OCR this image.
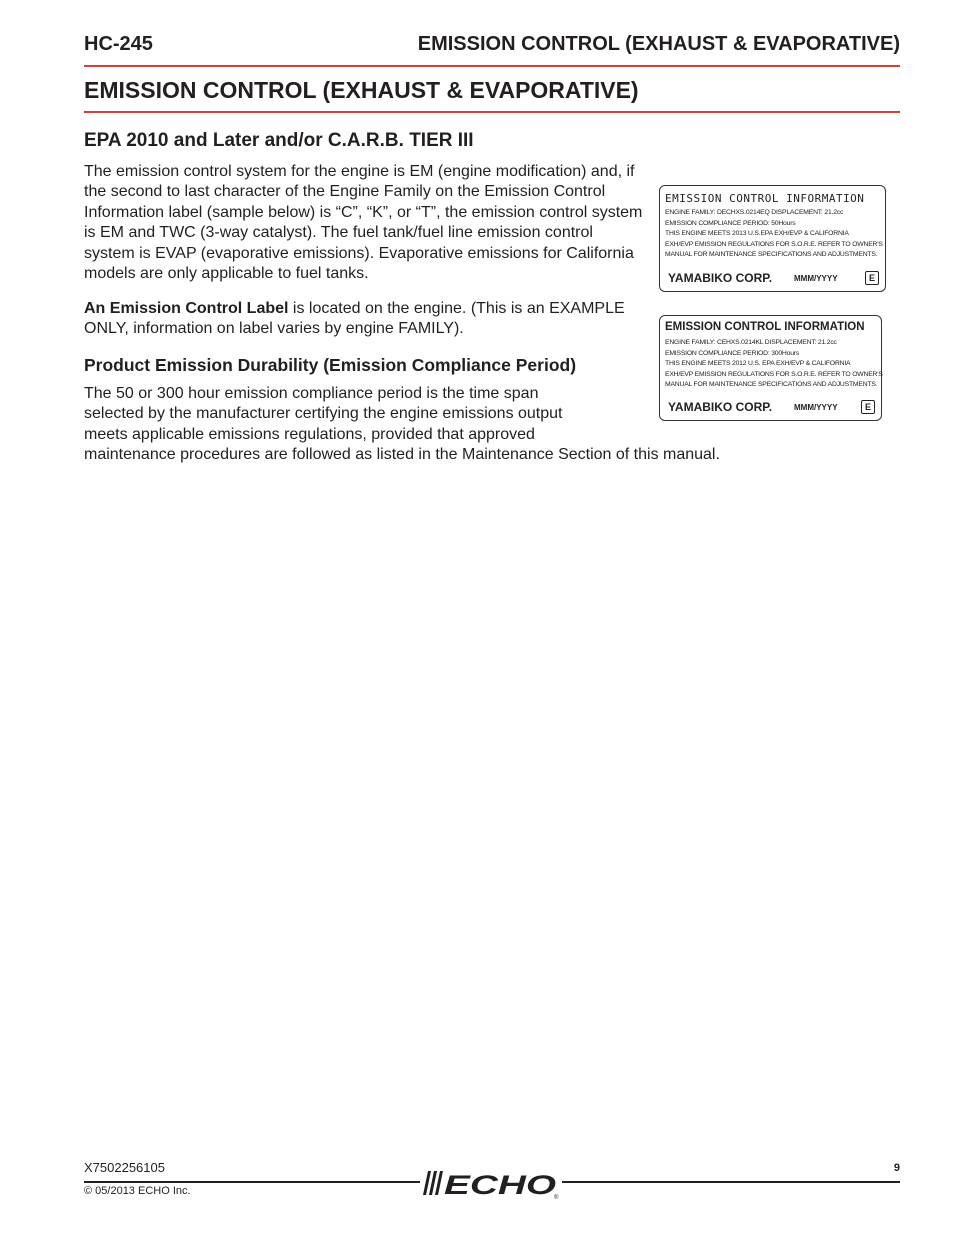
HC-245	EMISSION CONTROL (EXHAUST & EVAPORATIVE)
EMISSION CONTROL (EXHAUST & EVAPORATIVE)
EPA 2010 and Later and/or C.A.R.B. TIER III

The emission control system for the engine is EM (engine modification) and, if the second to last character of the Engine Family on the Emission Control Information label (sample below) is “C”, “K”, or “T”, the emission control system is EM and TWC (3-way catalyst). The fuel tank/fuel line emission control system is EVAP (evaporative emissions). Evaporative emissions for California models are only applicable to fuel tanks.

An Emission Control Label is located on the engine. (This is an EXAMPLE ONLY, information on label varies by engine FAMILY).

Product Emission Durability (Emission Compliance Period)

The 50 or 300 hour emission compliance period is the time span
selected by the manufacturer certifying the engine emissions output
meets applicable emissions regulations, provided that approved
maintenance procedures are followed as listed in the Maintenance Section of this manual.

EMISSION CONTROL INFORMATION
ENGINE FAMILY: DECHXS.0214EQ DISPLACEMENT: 21.2cc
EMISSION COMPLIANCE PERIOD: 50Hours
THIS ENGINE MEETS 2013 U.S.EPA EXH/EVP & CALIFORNIA
EXH/EVP EMISSION REGULATIONS FOR S.O.R.E. REFER TO OWNER'S
MANUAL FOR MAINTENANCE SPECIFICATIONS AND ADJUSTMENTS.
YAMABIKO CORP.	MMM/YYYY	E
EMISSION CONTROL INFORMATION
ENGINE FAMILY: CEHXS.0214KL DISPLACEMENT: 21.2cc
EMISSION COMPLIANCE PERIOD: 300Hours
THIS ENGINE MEETS 2012 U.S. EPA EXH/EVP & CALIFORNIA
EXH/EVP EMISSION REGULATIONS FOR S.O.R.E. REFER TO OWNER'S
MANUAL FOR MAINTENANCE SPECIFICATIONS AND ADJUSTMENTS.
YAMABIKO CORP.	MMM/YYYY	E
X7502256105
© 05/2013 ECHO Inc.
9
ECHO
®
